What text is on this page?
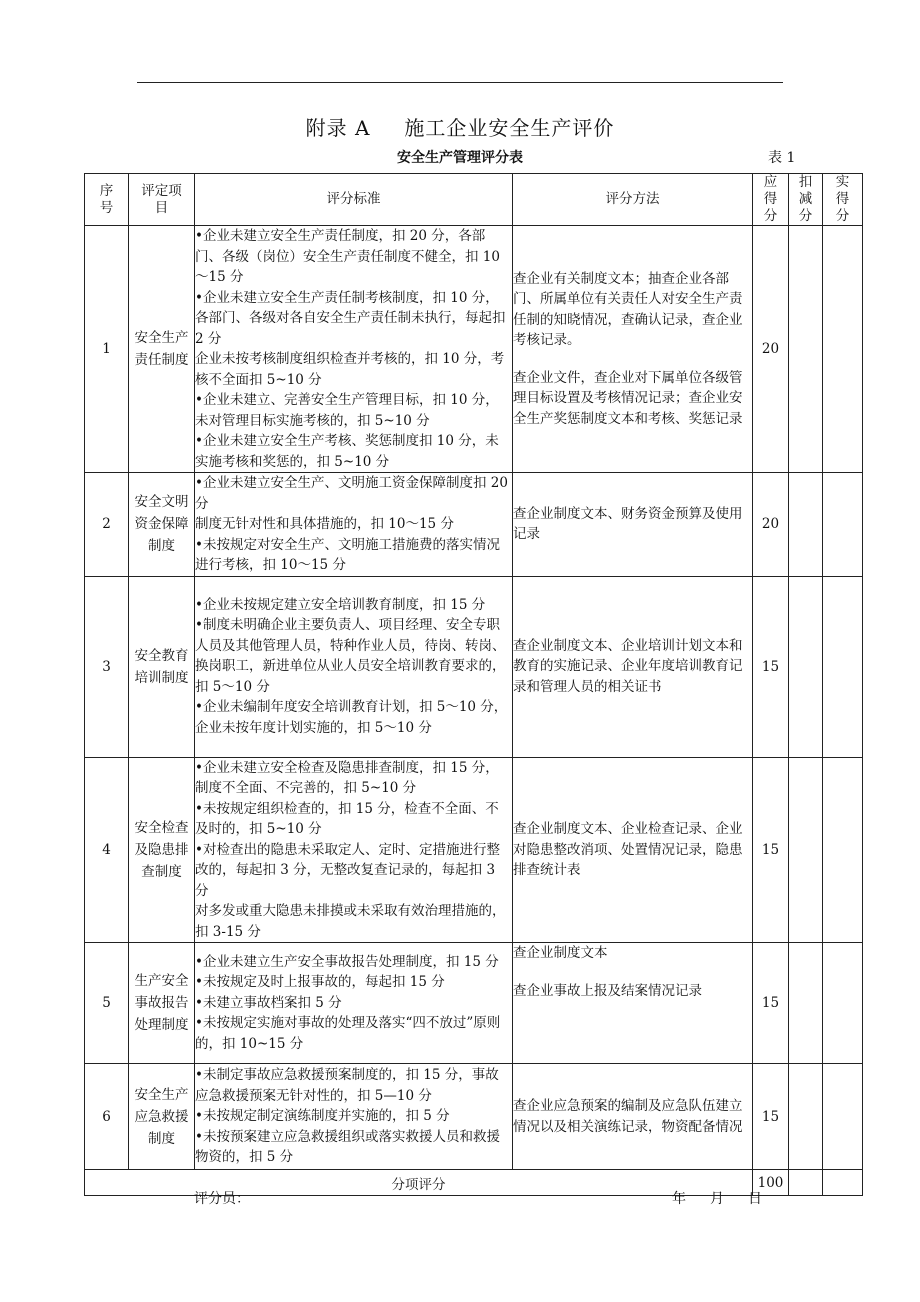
附录 A 施工企业安全生产评价
安全生产管理评分表	表 1
序号	评定项目	评分标准	评分方法	应得分	扣减分	实得分
1	安全生产责任制度	•企业未建立安全生产责任制度，扣 20 分，各部门、各级（岗位）安全生产责任制度不健全，扣 10～15 分
•企业未建立安全生产责任制考核制度，扣 10 分，各部门、各级对各自安全生产责任制未执行，每起扣 2 分
企业未按考核制度组织检查并考核的，扣 10 分，考核不全面扣 5~10 分
•企业未建立、完善安全生产管理目标，扣 10 分，未对管理目标实施考核的，扣 5~10 分
•企业未建立安全生产考核、奖惩制度扣 10 分，未实施考核和奖惩的，扣 5~10 分	查企业有关制度文本；抽查企业各部门、所属单位有关责任人对安全生产责任制的知晓情况，查确认记录，查企业考核记录。
查企业文件，查企业对下属单位各级管理目标设置及考核情况记录；查企业安全生产奖惩制度文本和考核、奖惩记录	20		
2	安全文明资金保障制度	•企业未建立安全生产、文明施工资金保障制度扣 20 分
制度无针对性和具体措施的，扣 10～15 分
•未按规定对安全生产、文明施工措施费的落实情况进行考核，扣 10～15 分	查企业制度文本、财务资金预算及使用记录	20		
3	安全教育培训制度	•企业未按规定建立安全培训教育制度，扣 15 分
•制度未明确企业主要负责人、项目经理、安全专职人员及其他管理人员，特种作业人员，待岗、转岗、换岗职工，新进单位从业人员安全培训教育要求的，扣 5～10 分
•企业未编制年度安全培训教育计划，扣 5～10 分，企业未按年度计划实施的，扣 5～10 分	查企业制度文本、企业培训计划文本和教育的实施记录、企业年度培训教育记录和管理人员的相关证书	15		
4	安全检查及隐患排查制度	•企业未建立安全检查及隐患排查制度，扣 15 分，制度不全面、不完善的，扣 5~10 分
•未按规定组织检查的，扣 15 分，检查不全面、不及时的，扣 5~10 分
•对检查出的隐患未采取定人、定时、定措施进行整改的，每起扣 3 分，无整改复查记录的，每起扣 3 分
对多发或重大隐患未排摸或未采取有效治理措施的，扣 3-15 分	查企业制度文本、企业检查记录、企业对隐患整改消项、处置情况记录，隐患排查统计表	15		
5	生产安全事故报告处理制度	•企业未建立生产安全事故报告处理制度，扣 15 分
•未按规定及时上报事故的，每起扣 15 分
•未建立事故档案扣 5 分
•未按规定实施对事故的处理及落实“四不放过”原则的，扣 10~15 分	查企业制度文本
查企业事故上报及结案情况记录	15		
6	安全生产应急救援制度	•未制定事故应急救援预案制度的，扣 15 分，事故应急救援预案无针对性的，扣 5—10 分
•未按规定制定演练制度并实施的，扣 5 分
•未按预案建立应急救援组织或落实救援人员和救援物资的，扣 5 分	查企业应急预案的编制及应急队伍建立情况以及相关演练记录，物资配备情况	15		
分项评分				100		
评分员：	年 月 日
